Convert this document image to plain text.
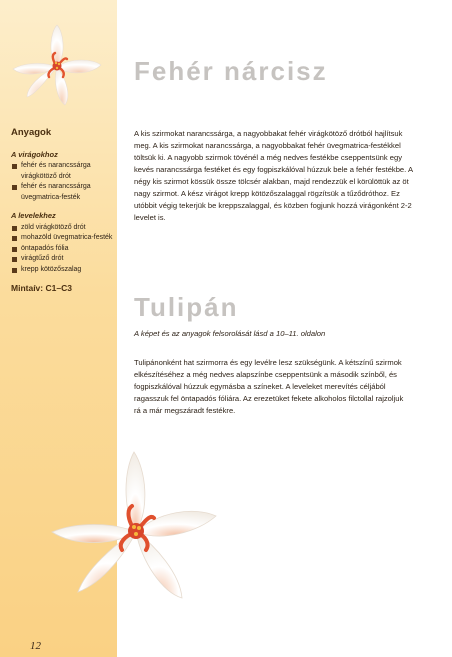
Anyagok
A virágokhoz
fehér és narancssárga virágkötöző drót
fehér és narancssárga üvegmatrica-festék
A levelekhez
zöld virágkötöző drót
mohazöld üvegmatrica-festék
öntapadós fólia
virágtűző drót
krepp kötözőszalag
Mintaív: C1–C3
Fehér nárcisz

A kis szirmokat narancssárga, a nagyobbakat fehér virágkötöző drótból hajlítsuk meg. A kis szirmokat narancssárga, a nagyobbakat fehér üvegmatrica-festékkel töltsük ki. A nagyobb szirmok tövénél a még nedves festékbe cseppentsünk egy kevés narancssárga festéket és egy fogpiszkálóval húzzuk bele a fehér festékbe. A négy kis szirmot kössük össze tölcsér alakban, majd rendezzük el körülöttük az öt nagy szirmot. A kész virágot krepp kötözőszalaggal rögzítsük a tűződróthoz. Ez utóbbit végig tekerjük be kreppszalaggal, és közben fogjunk hozzá virágonként 2-2 levelet is.

Tulipán

A képet és az anyagok felsorolását lásd a 10–11. oldalon

Tulipánonként hat szirmorra és egy levélre lesz szükségünk. A kétszínű szirmok elkészítéséhez a még nedves alapszínbe cseppentsünk a második színből, és fogpiszkálóval húzzuk egymásba a színeket. A leveleket merevítés céljából ragasszuk fel öntapadós fóliára. Az erezetüket fekete alkoholos filctollal rajzoljuk rá a már megszáradt festékre.

12
